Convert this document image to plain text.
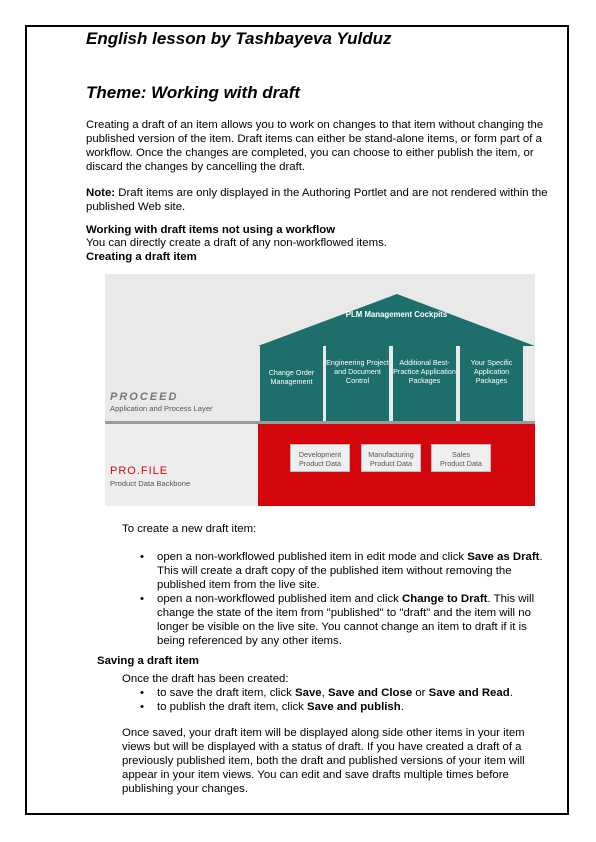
English lesson by Tashbayeva Yulduz
Theme: Working with draft
Creating a draft of an item allows you to work on changes to that item without changing the published version of the item. Draft items can either be stand-alone items, or form part of a workflow. Once the changes are completed, you can choose to either publish the item, or discard the changes by cancelling the draft.
Note: Draft items are only displayed in the Authoring Portlet and are not rendered within the published Web site.
Working with draft items not using a workflow
You can directly create a draft of any non-workflowed items.
Creating a draft item
PLM Management Cockpits
Change Order Management
Engineering Project and Document Control
Additional Best- Practice Application Packages
Your Specific Application Packages
PROCEED
Application and Process Layer
PRO.FILE
Product Data Backbone
Development
Product Data
Manufacturing
Product Data
Sales
Product Data
To create a new draft item:
• open a non-workflowed published item in edit mode and click Save as Draft. This will create a draft copy of the published item without removing the published item from the live site.
• open a non-workflowed published item and click Change to Draft. This will change the state of the item from "published" to "draft" and the item will no longer be visible on the live site. You cannot change an item to draft if it is being referenced by any other items.
Saving a draft item
Once the draft has been created:
• to save the draft item, click Save, Save and Close or Save and Read.
• to publish the draft item, click Save and publish.
Once saved, your draft item will be displayed along side other items in your item views but will be displayed with a status of draft. If you have created a draft of a previously published item, both the draft and published versions of your item will appear in your item views. You can edit and save drafts multiple times before publishing your changes.
